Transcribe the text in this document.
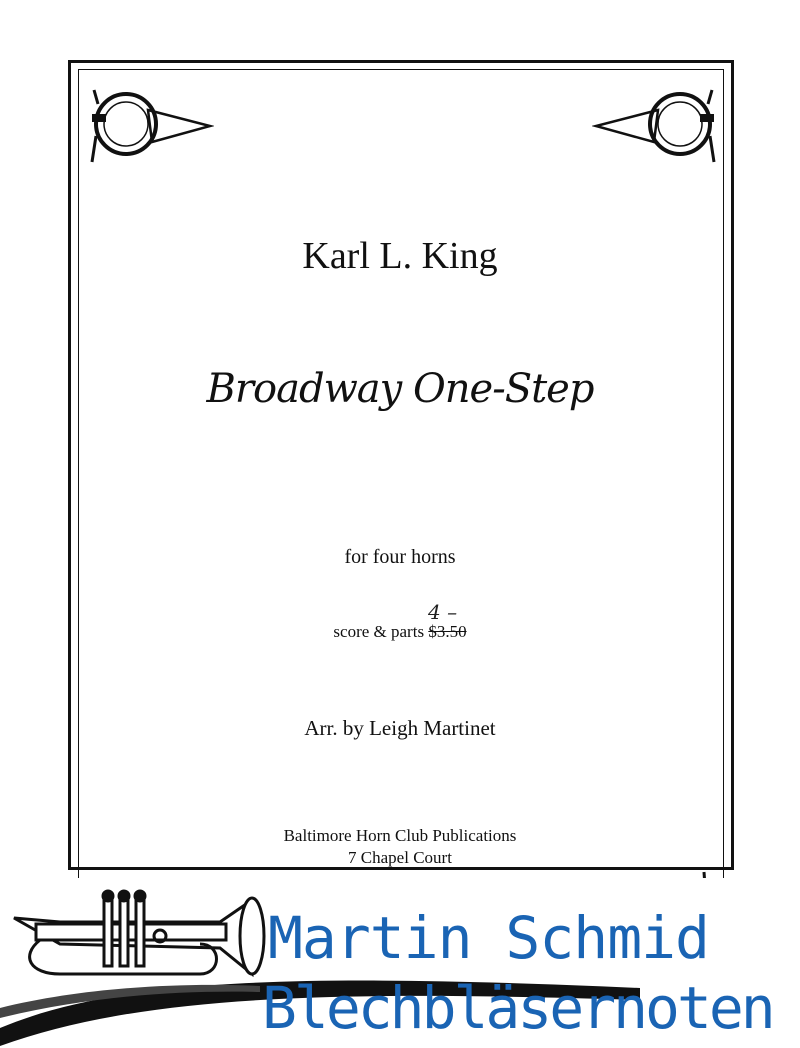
Karl L. King
Broadway One-Step
for four horns
score & parts $3.50
4 –
Arr. by Leigh Martinet
Baltimore Horn Club Publications
7 Chapel Court
Martin Schmid
Blechbläsernoten
